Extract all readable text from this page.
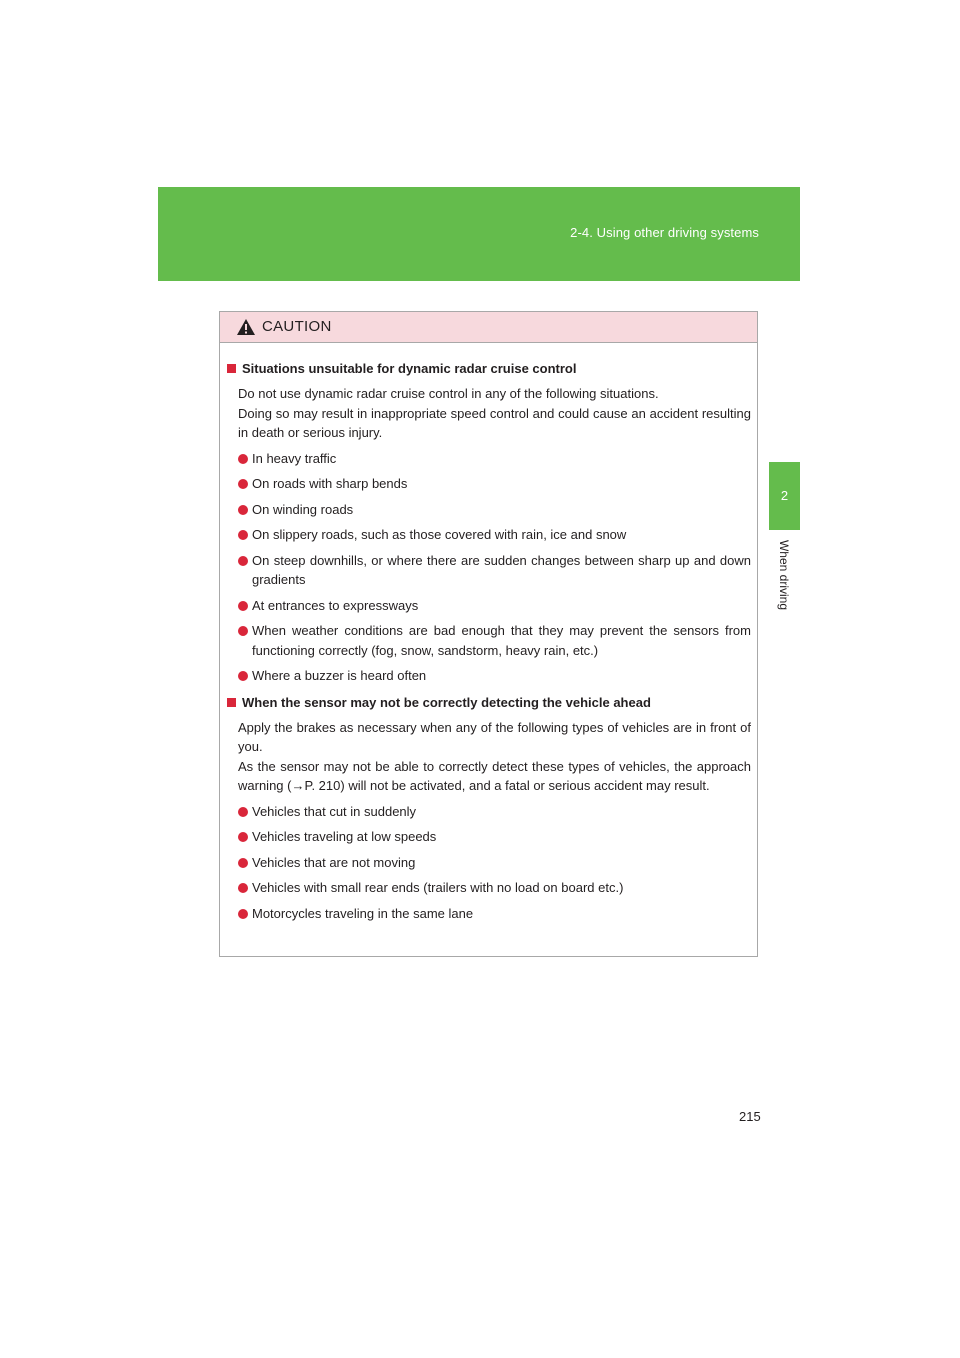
2-4. Using other driving systems
2
When driving
CAUTION
Situations unsuitable for dynamic radar cruise control
Do not use dynamic radar cruise control in any of the following situations.
Doing so may result in inappropriate speed control and could cause an accident resulting in death or serious injury.
In heavy traffic
On roads with sharp bends
On winding roads
On slippery roads, such as those covered with rain, ice and snow
On steep downhills, or where there are sudden changes between sharp up and down gradients
At entrances to expressways
When weather conditions are bad enough that they may prevent the sensors from functioning correctly (fog, snow, sandstorm, heavy rain, etc.)
Where a buzzer is heard often
When the sensor may not be correctly detecting the vehicle ahead
Apply the brakes as necessary when any of the following types of vehicles are in front of you.
As the sensor may not be able to correctly detect these types of vehicles, the approach warning (→P. 210) will not be activated, and a fatal or serious accident may result.
Vehicles that cut in suddenly
Vehicles traveling at low speeds
Vehicles that are not moving
Vehicles with small rear ends (trailers with no load on board etc.)
Motorcycles traveling in the same lane
215
